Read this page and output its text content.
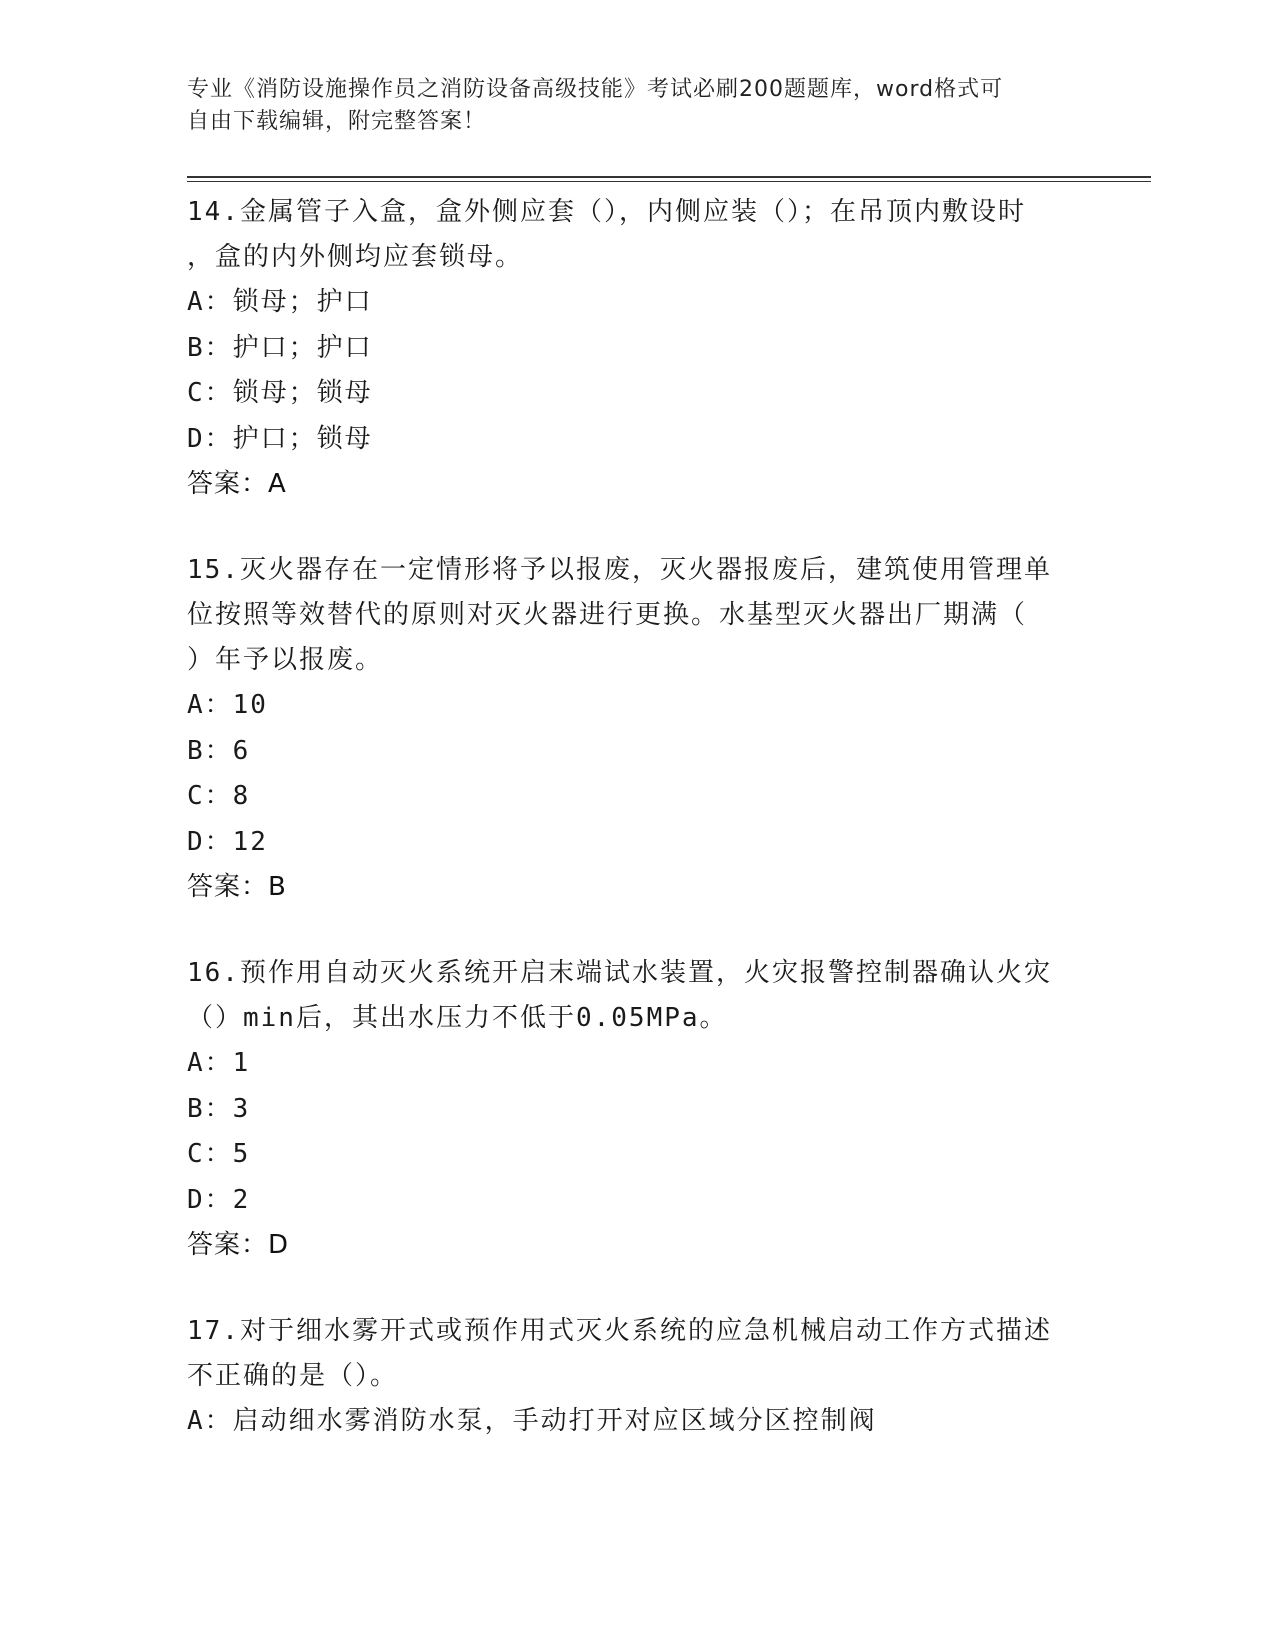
专业《消防设施操作员之消防设备高级技能》考试必刷200题题库，word格式可
自由下载编辑，附完整答案！
14.金属管子入盒，盒外侧应套（），内侧应装（）；在吊顶内敷设时
，盒的内外侧均应套锁母。
A：锁母；护口
B：护口；护口
C：锁母；锁母
D：护口；锁母
答案：A
15.灭火器存在一定情形将予以报废，灭火器报废后，建筑使用管理单
位按照等效替代的原则对灭火器进行更换。水基型灭火器出厂期满（
）年予以报废。
A：10
B：6
C：8
D：12
答案：B
16.预作用自动灭火系统开启末端试水装置，火灾报警控制器确认火灾
（）min后，其出水压力不低于0.05MPa。
A：1
B：3
C：5
D：2
答案：D
17.对于细水雾开式或预作用式灭火系统的应急机械启动工作方式描述
不正确的是（）。
A：启动细水雾消防水泵，手动打开对应区域分区控制阀
